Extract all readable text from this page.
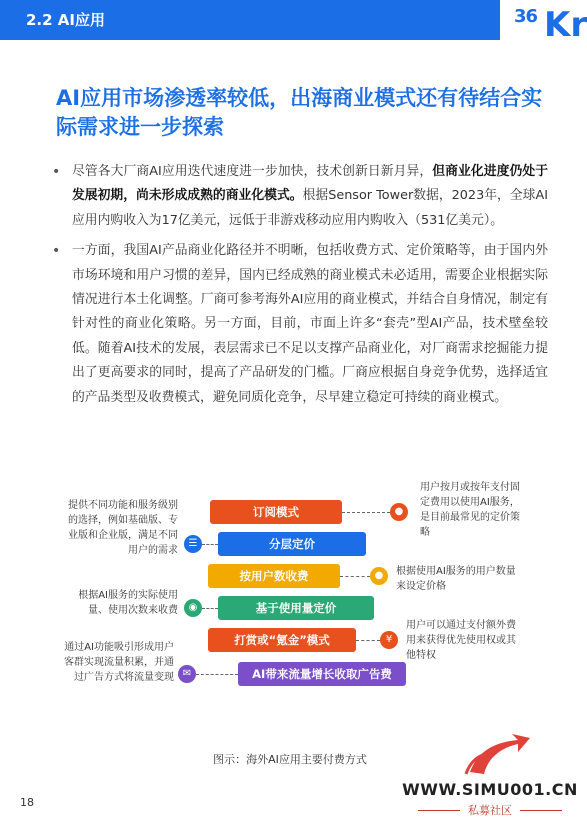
2.2 AI应用	36 Kr
AI应用市场渗透率较低，出海商业模式还有待结合实际需求进一步探索

• 尽管各大厂商AI应用迭代速度进一步加快，技术创新日新月异，但商业化进度仍处于发展初期，尚未形成成熟的商业化模式。根据Sensor Tower数据，2023年，全球AI应用内购收入为17亿美元，远低于非游戏移动应用内购收入（531亿美元）。

• 一方面，我国AI产品商业化路径并不明晰，包括收费方式、定价策略等，由于国内外市场环境和用户习惯的差异，国内已经成熟的商业模式未必适用，需要企业根据实际情况进行本土化调整。厂商可参考海外AI应用的商业模式，并结合自身情况，制定有针对性的商业化策略。另一方面，目前，市面上许多“套壳”型AI产品，技术壁垒较低。随着AI技术的发展，表层需求已不足以支撑产品商业化，对厂商需求挖掘能力提出了更高要求的同时，提高了产品研发的门槛。厂商应根据自身竞争优势，选择适宜的产品类型及收费模式，避免同质化竞争，尽早建立稳定可持续的商业模式。

订阅模式
分层定价
按用户数收费
基于使用量定价
打赏或“氪金”模式
AI带来流量增长收取广告费
●
☰
●
◉
¥
✉
用户按月或按年支付固定费用以使用AI服务，是目前最常见的定价策略
根据使用AI服务的用户数量来设定价格
用户可以通过支付额外费用来获得优先使用权或其他特权
提供不同功能和服务级别的选择，例如基础版、专业版和企业版，满足不同用户的需求
根据AI服务的实际使用量、使用次数来收费
通过AI功能吸引形成用户客群实现流量积累，并通过广告方式将流量变现
图示：海外AI应用主要付费方式
18
WWW.SIMU001.CN
私募社区
